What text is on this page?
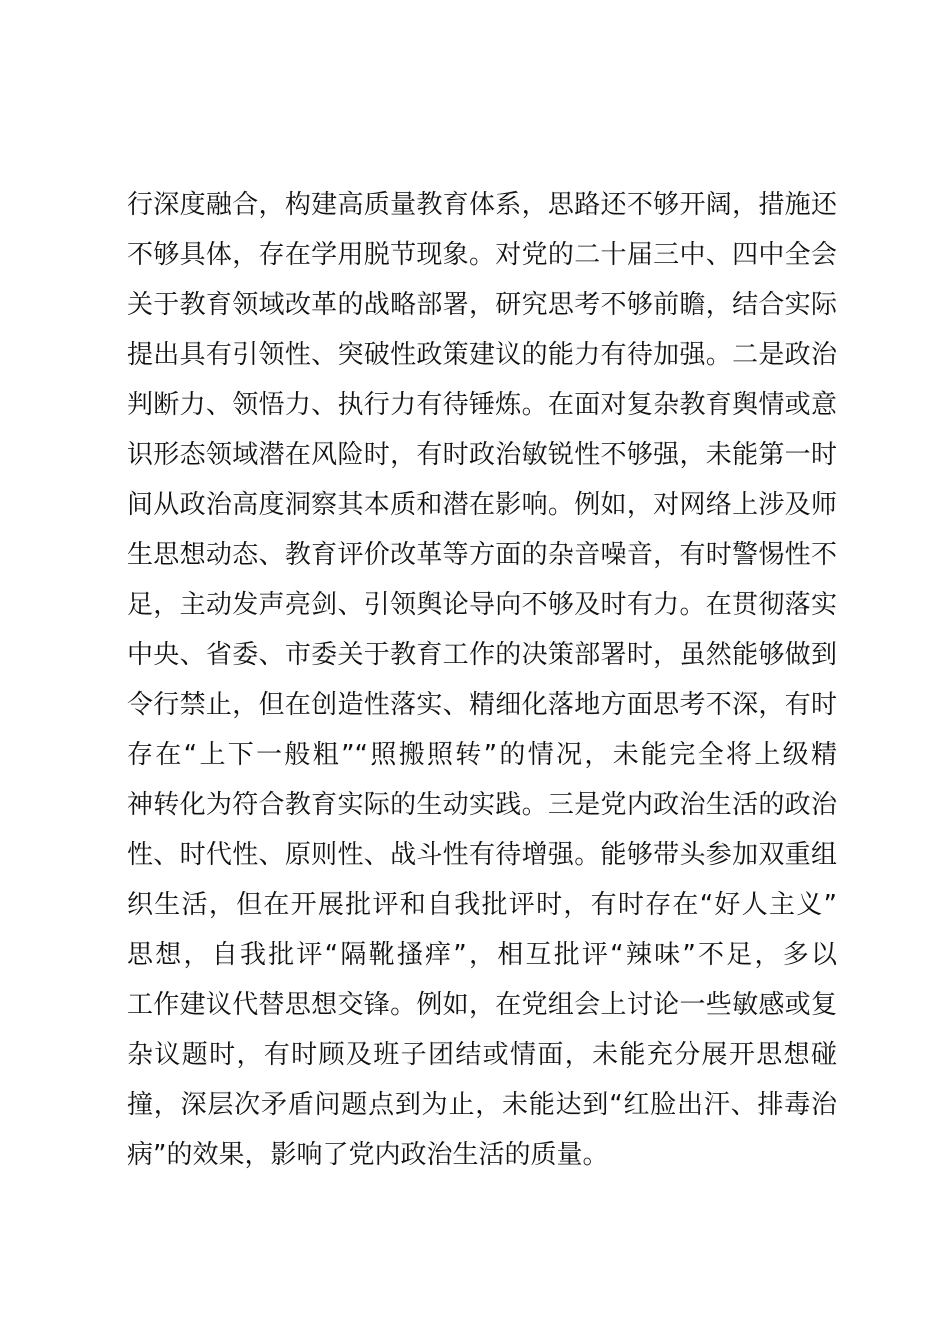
行深度融合，构建高质量教育体系，思路还不够开阔，措施还
不够具体，存在学用脱节现象。对党的二十届三中、四中全会
关于教育领域改革的战略部署，研究思考不够前瞻，结合实际
提出具有引领性、突破性政策建议的能力有待加强。二是政治
判断力、领悟力、执行力有待锤炼。在面对复杂教育舆情或意
识形态领域潜在风险时，有时政治敏锐性不够强，未能第一时
间从政治高度洞察其本质和潜在影响。例如，对网络上涉及师
生思想动态、教育评价改革等方面的杂音噪音，有时警惕性不
足，主动发声亮剑、引领舆论导向不够及时有力。在贯彻落实
中央、省委、市委关于教育工作的决策部署时，虽然能够做到
令行禁止，但在创造性落实、精细化落地方面思考不深，有时
存在“上下一般粗”“照搬照转”的情况，未能完全将上级精
神转化为符合教育实际的生动实践。三是党内政治生活的政治
性、时代性、原则性、战斗性有待增强。能够带头参加双重组
织生活，但在开展批评和自我批评时，有时存在“好人主义”
思想，自我批评“隔靴搔痒”，相互批评“辣味”不足，多以
工作建议代替思想交锋。例如，在党组会上讨论一些敏感或复
杂议题时，有时顾及班子团结或情面，未能充分展开思想碰
撞，深层次矛盾问题点到为止，未能达到“红脸出汗、排毒治
病”的效果，影响了党内政治生活的质量。
